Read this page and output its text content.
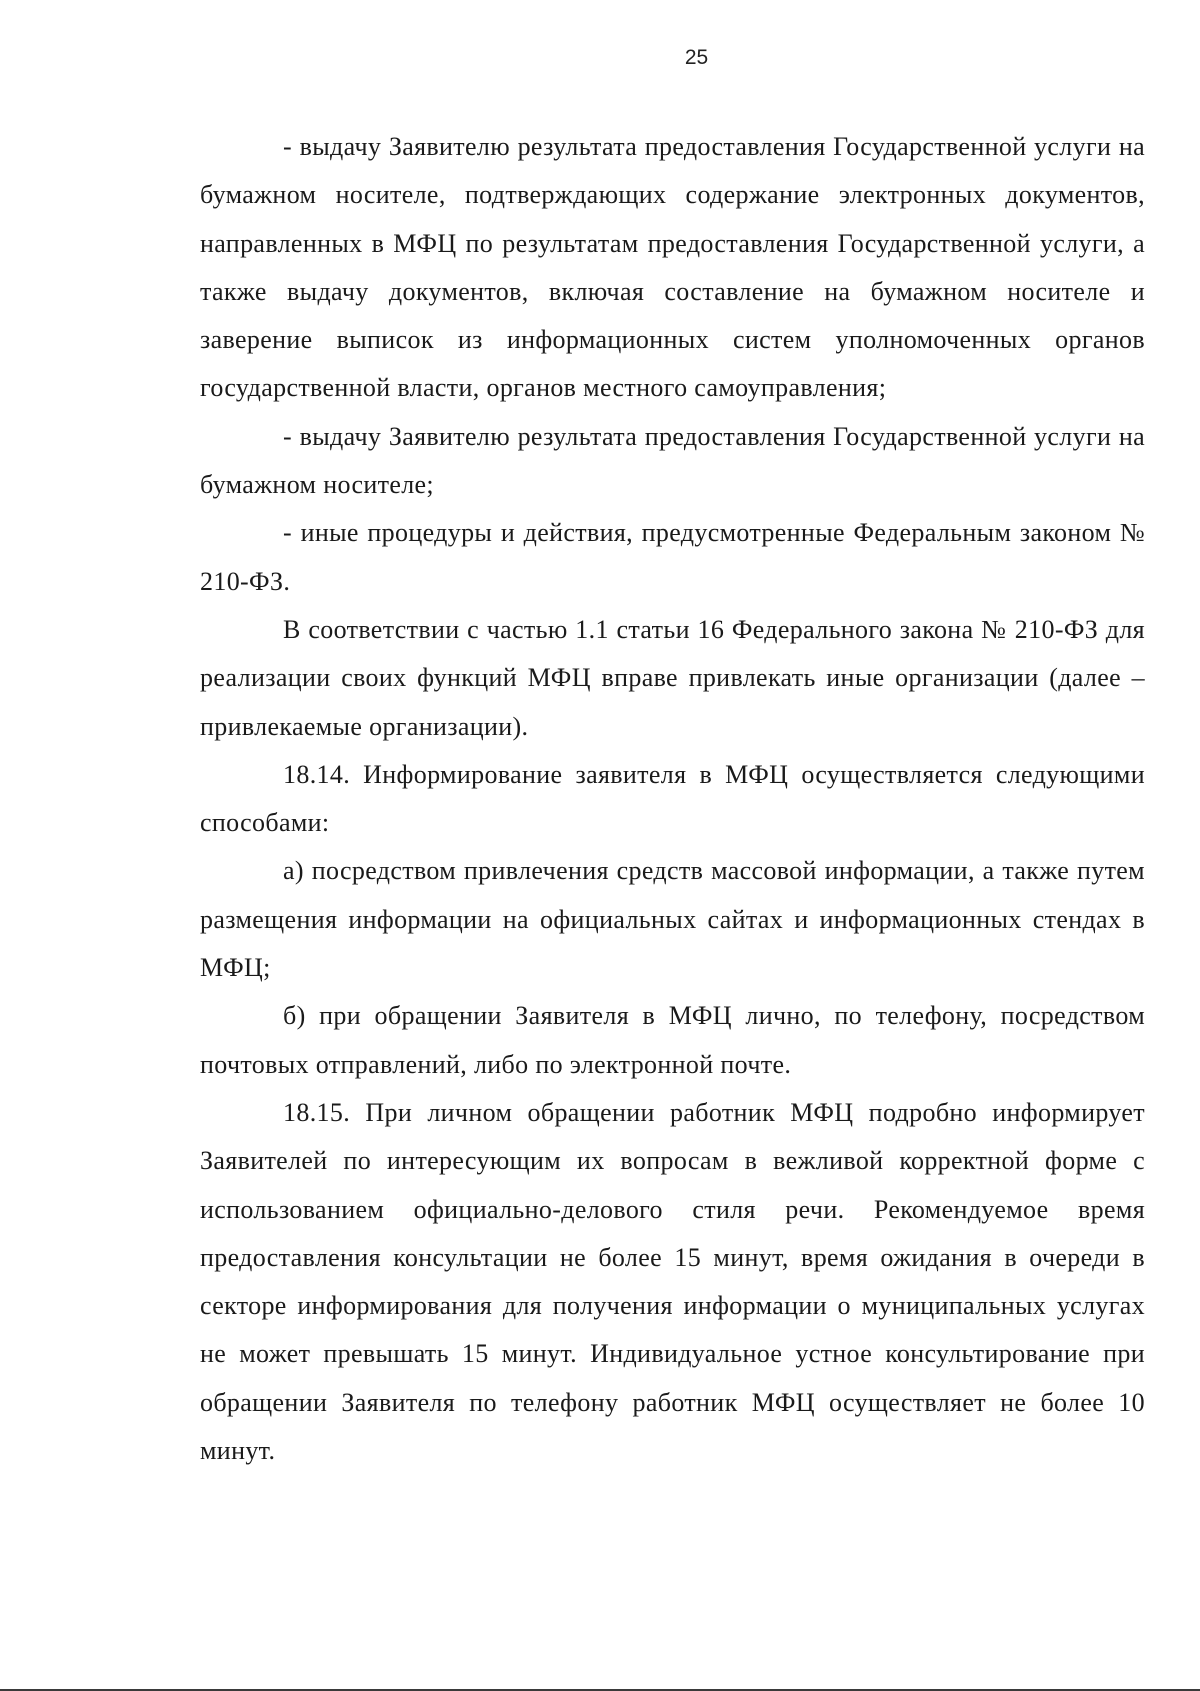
25

- выдачу Заявителю результата предоставления Государственной услуги на бумажном носителе, подтверждающих содержание электронных документов, направленных в МФЦ по результатам предоставления Государственной услуги, а также выдачу документов, включая составление на бумажном носителе и заверение выписок из информационных систем уполномоченных органов государственной власти, органов местного самоуправления;

- выдачу Заявителю результата предоставления Государственной услуги на бумажном носителе;

- иные процедуры и действия, предусмотренные Федеральным законом № 210-ФЗ.

В соответствии с частью 1.1 статьи 16 Федерального закона № 210-ФЗ для реализации своих функций МФЦ вправе привлекать иные организации (далее – привлекаемые организации).

18.14. Информирование заявителя в МФЦ осуществляется следующими способами:

а) посредством привлечения средств массовой информации, а также путем размещения информации на официальных сайтах и информационных стендах в МФЦ;

б) при обращении Заявителя в МФЦ лично, по телефону, посредством почтовых отправлений, либо по электронной почте.

18.15. При личном обращении работник МФЦ подробно информирует Заявителей по интересующим их вопросам в вежливой корректной форме с использованием официально-делового стиля речи. Рекомендуемое время предоставления консультации не более 15 минут, время ожидания в очереди в секторе информирования для получения информации о муниципальных услугах не может превышать 15 минут. Индивидуальное устное консультирование при обращении Заявителя по телефону работник МФЦ осуществляет не более 10 минут.
